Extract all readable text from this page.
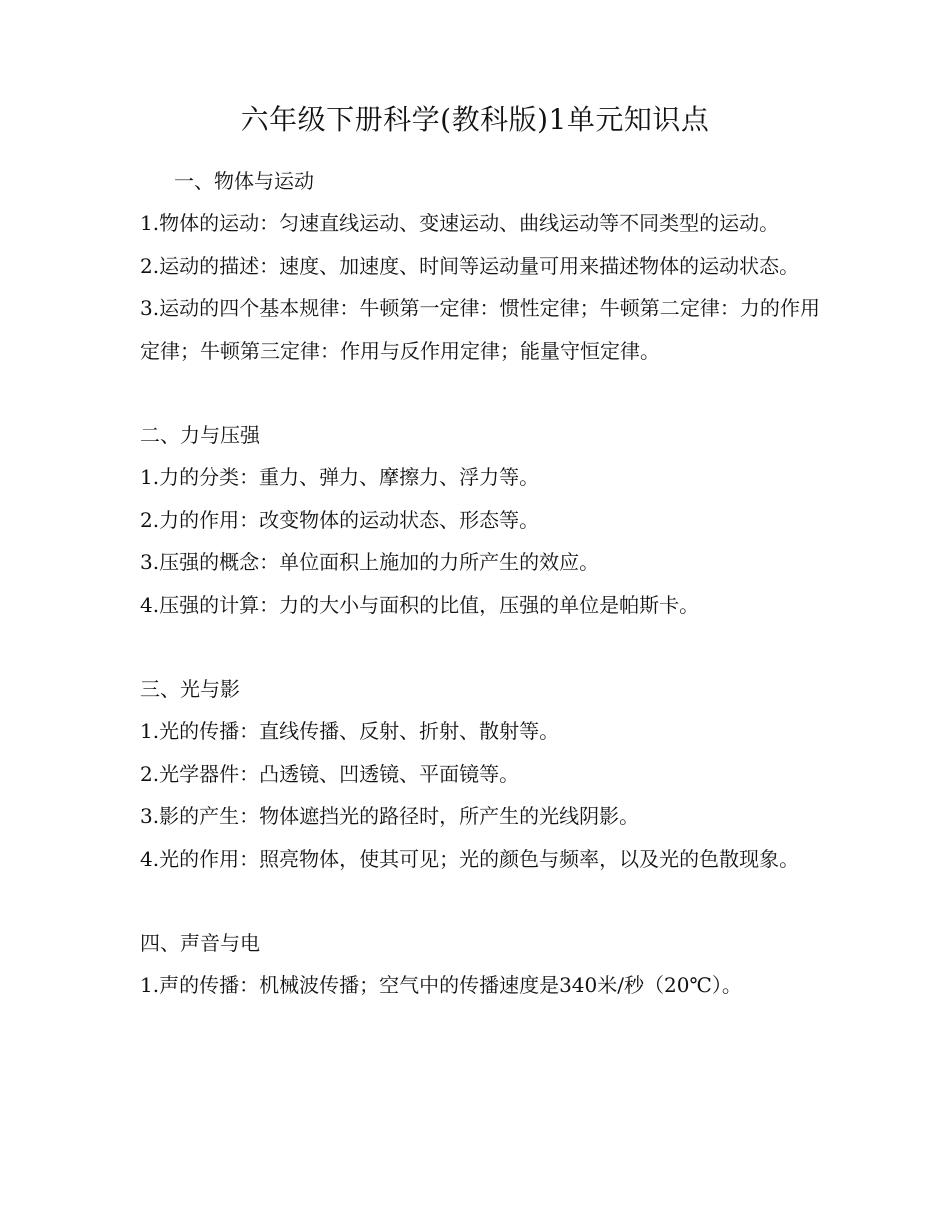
六年级下册科学(教科版)1单元知识点

一、物体与运动

1.物体的运动：匀速直线运动、变速运动、曲线运动等不同类型的运动。

2.运动的描述：速度、加速度、时间等运动量可用来描述物体的运动状态。

3.运动的四个基本规律：牛顿第一定律：惯性定律；牛顿第二定律：力的作用定律；牛顿第三定律：作用与反作用定律；能量守恒定律。

二、力与压强

1.力的分类：重力、弹力、摩擦力、浮力等。

2.力的作用：改变物体的运动状态、形态等。

3.压强的概念：单位面积上施加的力所产生的效应。

4.压强的计算：力的大小与面积的比值，压强的单位是帕斯卡。

三、光与影

1.光的传播：直线传播、反射、折射、散射等。

2.光学器件：凸透镜、凹透镜、平面镜等。

3.影的产生：物体遮挡光的路径时，所产生的光线阴影。

4.光的作用：照亮物体，使其可见；光的颜色与频率，以及光的色散现象。

四、声音与电

1.声的传播：机械波传播；空气中的传播速度是340米/秒（20℃）。
